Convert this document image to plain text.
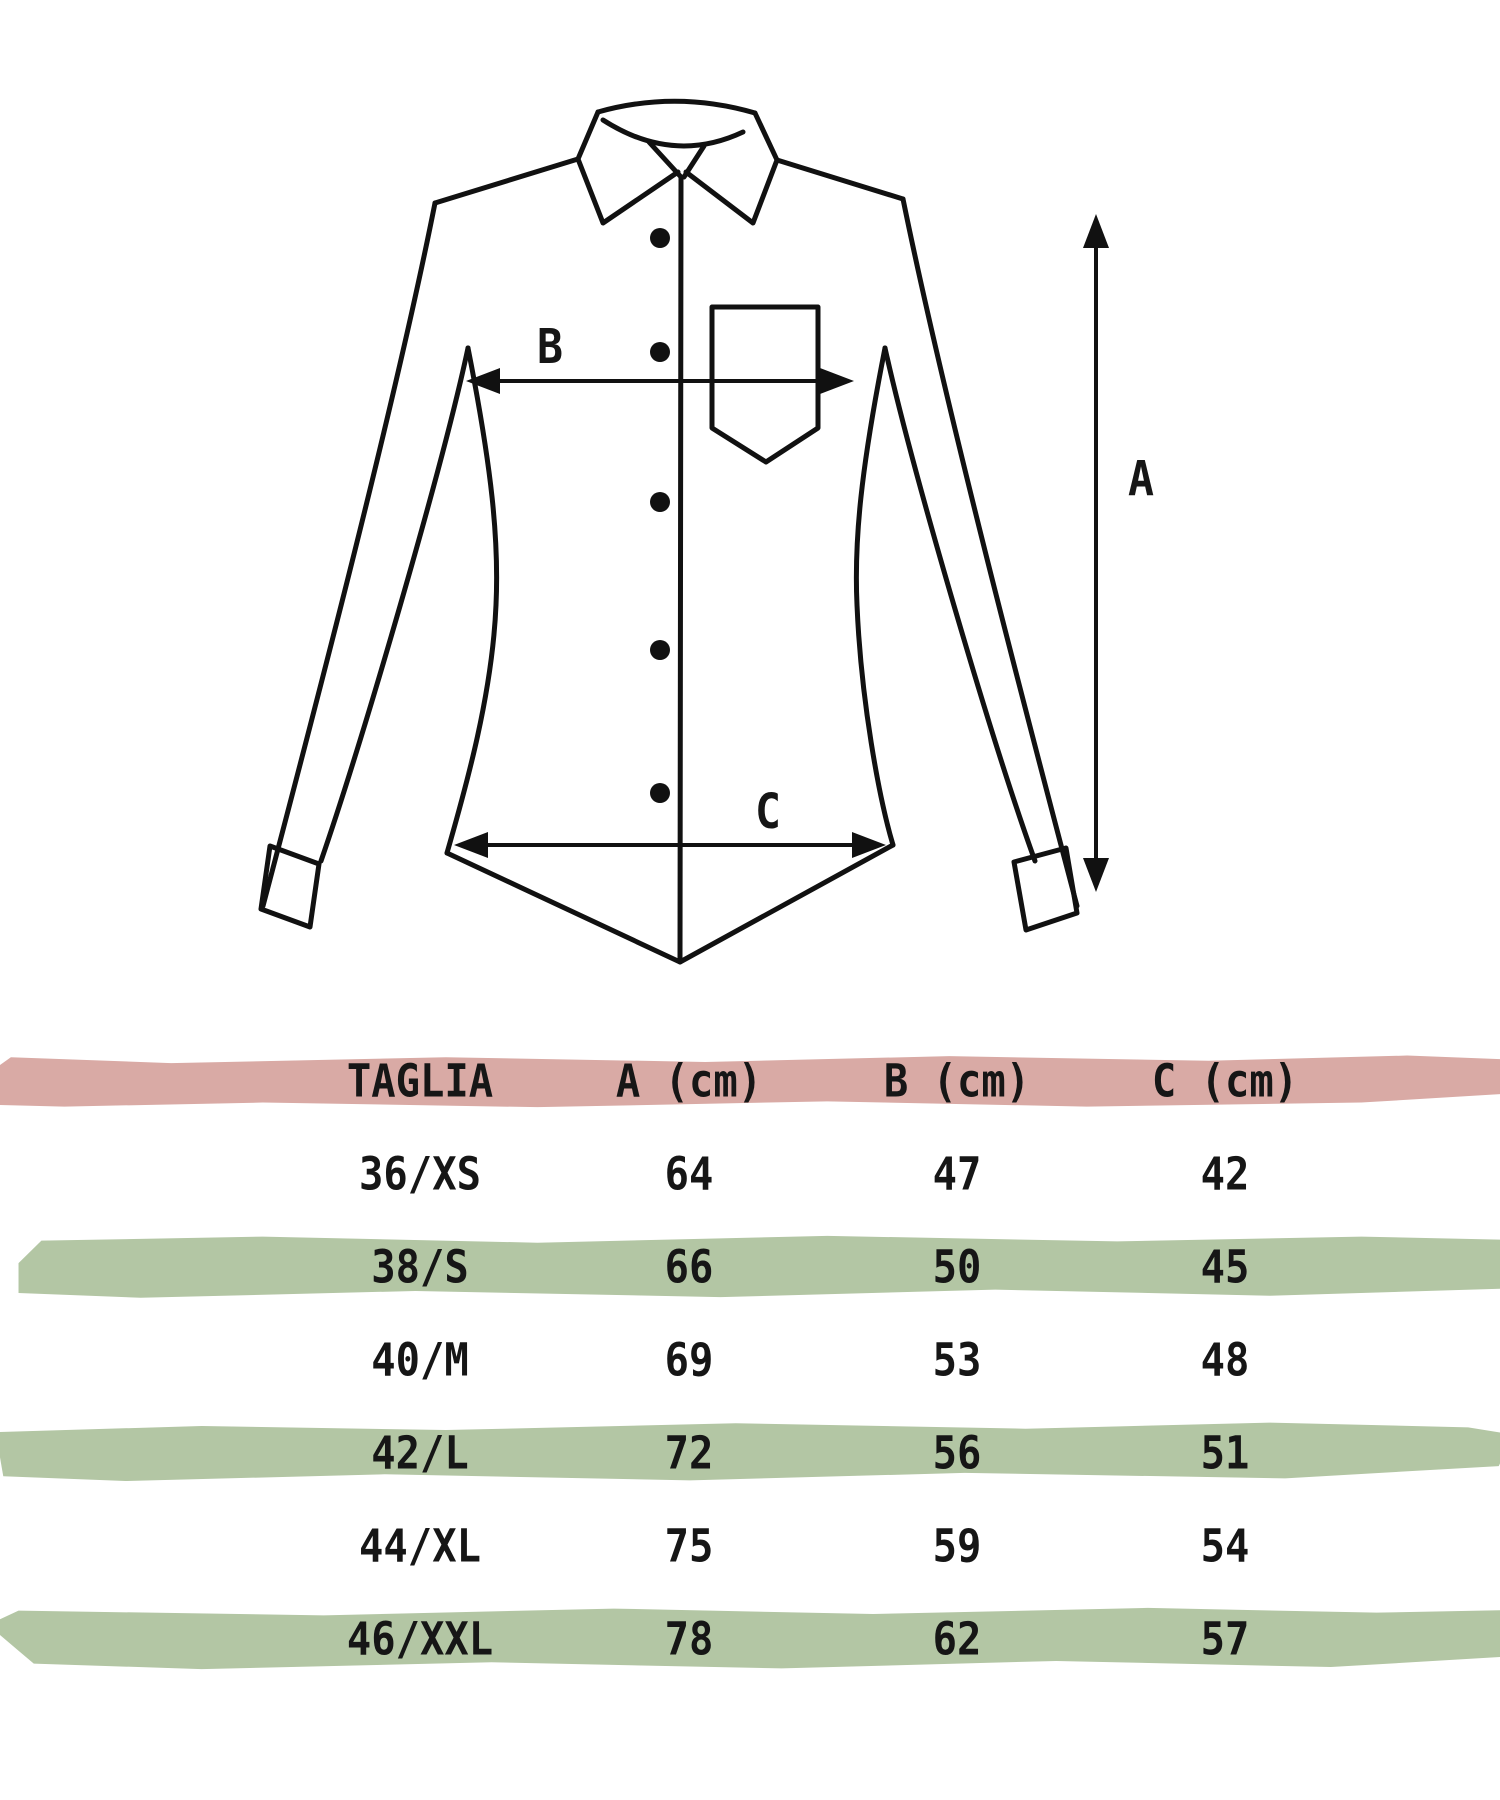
A
B
C
TAGLIA	A (cm)	B (cm)	C (cm)
36/XS	64	47	42
38/S	66	50	45
40/M	69	53	48
42/L	72	56	51
44/XL	75	59	54
46/XXL	78	62	57
